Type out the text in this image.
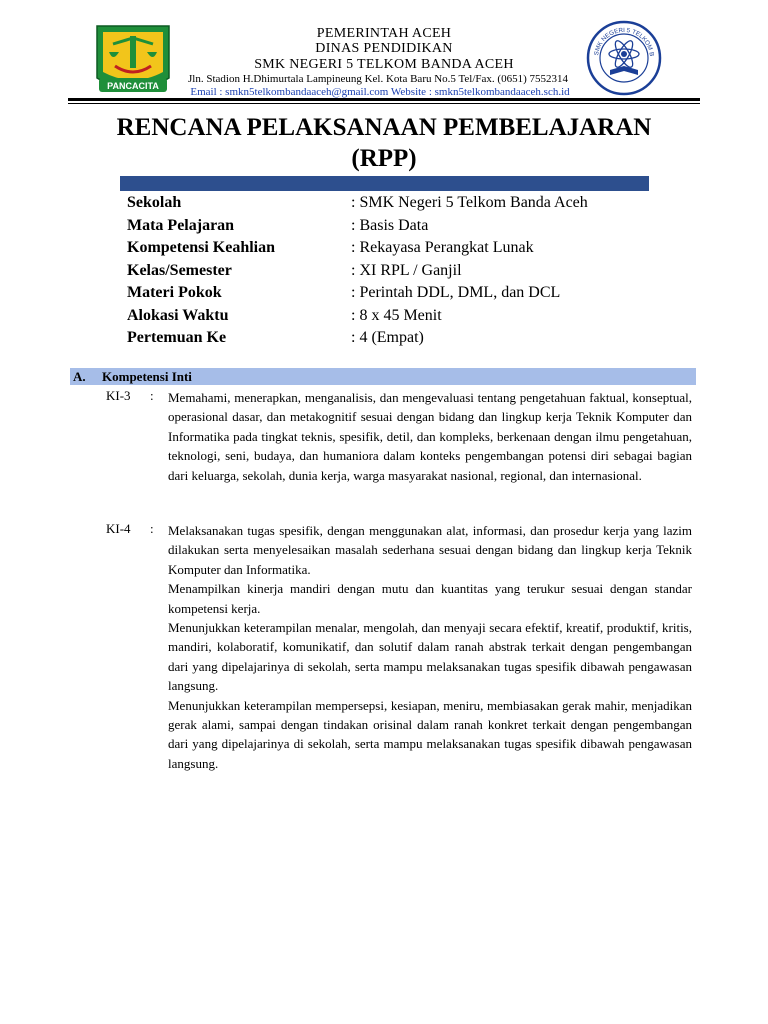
PANCACITA
SMK NEGERI 5 TELKOM B
PEMERINTAH ACEH
DINAS PENDIDIKAN
SMK NEGERI 5 TELKOM BANDA ACEH
Jln. Stadion H.Dhimurtala Lampineung Kel. Kota Baru No.5 Tel/Fax. (0651) 7552314
Email : smkn5telkombandaaceh@gmail.com Website : smkn5telkombandaaceh.sch.id
RENCANA PELAKSANAAN PEMBELAJARAN
(RPP)
Sekolah	: SMK Negeri 5 Telkom Banda Aceh
Mata Pelajaran	: Basis Data
Kompetensi Keahlian	: Rekayasa Perangkat Lunak
Kelas/Semester	: XI RPL / Ganjil
Materi Pokok	: Perintah DDL, DML, dan DCL
Alokasi Waktu	: 8 x 45 Menit
Pertemuan Ke	: 4 (Empat)
A.	Kompetensi Inti
KI-3	:	Memahami, menerapkan, menganalisis, dan mengevaluasi tentang pengetahuan faktual, konseptual, operasional dasar, dan metakognitif sesuai dengan bidang dan lingkup kerja Teknik Komputer dan Informatika pada tingkat teknis, spesifik, detil, dan kompleks, berkenaan dengan ilmu pengetahuan, teknologi, seni, budaya, dan humaniora dalam konteks pengembangan potensi diri sebagai bagian dari keluarga, sekolah, dunia kerja, warga masyarakat nasional, regional, dan internasional.

KI-4	:	Melaksanakan tugas spesifik, dengan menggunakan alat, informasi, dan prosedur kerja yang lazim dilakukan serta menyelesaikan masalah sederhana sesuai dengan bidang dan lingkup kerja Teknik Komputer dan Informatika.

Menampilkan kinerja mandiri dengan mutu dan kuantitas yang terukur sesuai dengan standar kompetensi kerja.

Menunjukkan keterampilan menalar, mengolah, dan menyaji secara efektif, kreatif, produktif, kritis, mandiri, kolaboratif, komunikatif, dan solutif dalam ranah abstrak terkait dengan pengembangan dari yang dipelajarinya di sekolah, serta mampu melaksanakan tugas spesifik dibawah pengawasan langsung.

Menunjukkan keterampilan mempersepsi, kesiapan, meniru, membiasakan gerak mahir, menjadikan gerak alami, sampai dengan tindakan orisinal dalam ranah konkret terkait dengan pengembangan dari yang dipelajarinya di sekolah, serta mampu melaksanakan tugas spesifik dibawah pengawasan langsung.
